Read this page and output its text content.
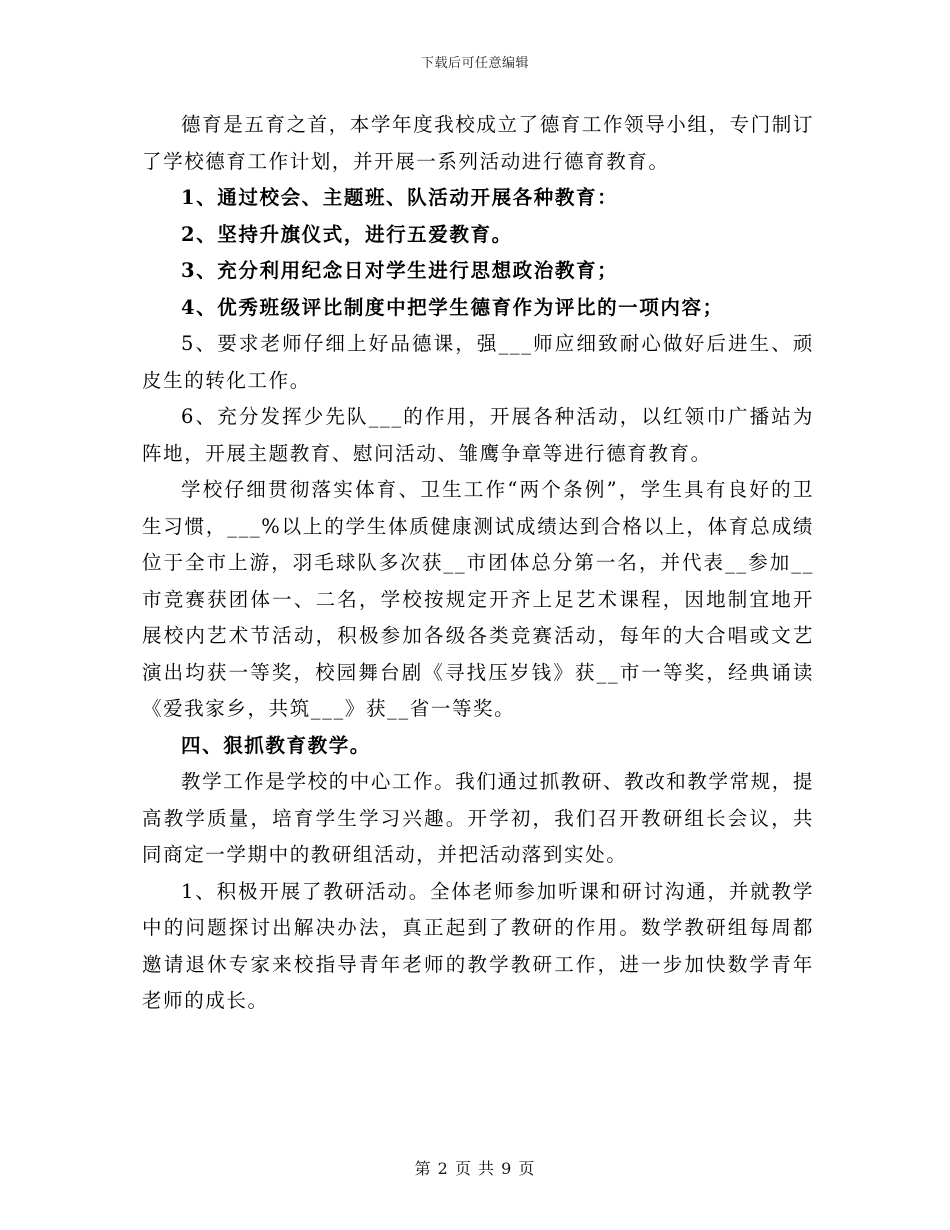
下载后可任意编辑

德育是五育之首，本学年度我校成立了德育工作领导小组，专门制订了学校德育工作计划，并开展一系列活动进行德育教育。

1、通过校会、主题班、队活动开展各种教育：

2、坚持升旗仪式，进行五爱教育。

3、充分利用纪念日对学生进行思想政治教育；

4、优秀班级评比制度中把学生德育作为评比的一项内容；

5、要求老师仔细上好品德课，强___师应细致耐心做好后进生、顽皮生的转化工作。

6、充分发挥少先队___的作用，开展各种活动，以红领巾广播站为阵地，开展主题教育、慰问活动、雏鹰争章等进行德育教育。

学校仔细贯彻落实体育、卫生工作“两个条例”，学生具有良好的卫生习惯，___%以上的学生体质健康测试成绩达到合格以上，体育总成绩位于全市上游，羽毛球队多次获__市团体总分第一名，并代表__参加__市竞赛获团体一、二名，学校按规定开齐上足艺术课程，因地制宜地开展校内艺术节活动，积极参加各级各类竞赛活动，每年的大合唱或文艺演出均获一等奖，校园舞台剧《寻找压岁钱》获__市一等奖，经典诵读《爱我家乡，共筑___》获__省一等奖。

四、狠抓教育教学。

教学工作是学校的中心工作。我们通过抓教研、教改和教学常规，提高教学质量，培育学生学习兴趣。开学初，我们召开教研组长会议，共同商定一学期中的教研组活动，并把活动落到实处。

1、积极开展了教研活动。全体老师参加听课和研讨沟通，并就教学中的问题探讨出解决办法，真正起到了教研的作用。数学教研组每周都邀请退休专家来校指导青年老师的教学教研工作，进一步加快数学青年老师的成长。

第 2 页 共 9 页
